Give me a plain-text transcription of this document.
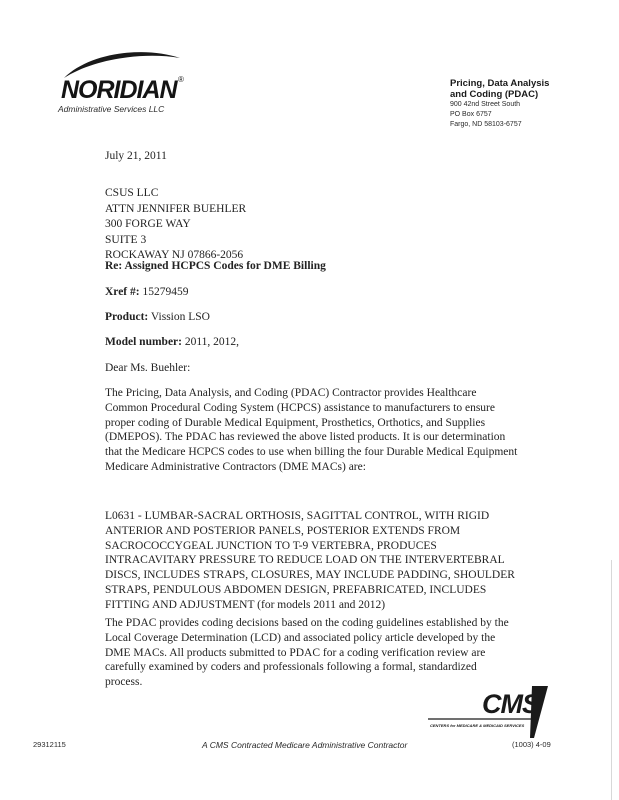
NORIDIAN ®
Administrative Services LLC
Pricing, Data Analysis
and Coding (PDAC)
900 42nd Street South
PO Box 6757
Fargo, ND 58103-6757
July 21, 2011
CSUS LLC
ATTN JENNIFER BUEHLER
300 FORGE WAY
SUITE 3
ROCKAWAY NJ 07866-2056
Re: Assigned HCPCS Codes for DME Billing
Xref #: 15279459
Product: Vission LSO
Model number: 2011, 2012,
Dear Ms. Buehler:
The Pricing, Data Analysis, and Coding (PDAC) Contractor provides Healthcare
Common Procedural Coding System (HCPCS) assistance to manufacturers to ensure
proper coding of Durable Medical Equipment, Prosthetics, Orthotics, and Supplies
(DMEPOS). The PDAC has reviewed the above listed products. It is our determination
that the Medicare HCPCS codes to use when billing the four Durable Medical Equipment
Medicare Administrative Contractors (DME MACs) are:
L0631 - LUMBAR-SACRAL ORTHOSIS, SAGITTAL CONTROL, WITH RIGID
ANTERIOR AND POSTERIOR PANELS, POSTERIOR EXTENDS FROM
SACROCOCCYGEAL JUNCTION TO T-9 VERTEBRA, PRODUCES
INTRACAVITARY PRESSURE TO REDUCE LOAD ON THE INTERVERTEBRAL
DISCS, INCLUDES STRAPS, CLOSURES, MAY INCLUDE PADDING, SHOULDER
STRAPS, PENDULOUS ABDOMEN DESIGN, PREFABRICATED, INCLUDES
FITTING AND ADJUSTMENT (for models 2011 and 2012)
The PDAC provides coding decisions based on the coding guidelines established by the
Local Coverage Determination (LCD) and associated policy article developed by the
DME MACs. All products submitted to PDAC for a coding verification review are
carefully examined by coders and professionals following a formal, standardized
process.
CMS
CENTERS for MEDICARE & MEDICAID SERVICES
29312115	A CMS Contracted Medicare Administrative Contractor	(1003) 4-09
